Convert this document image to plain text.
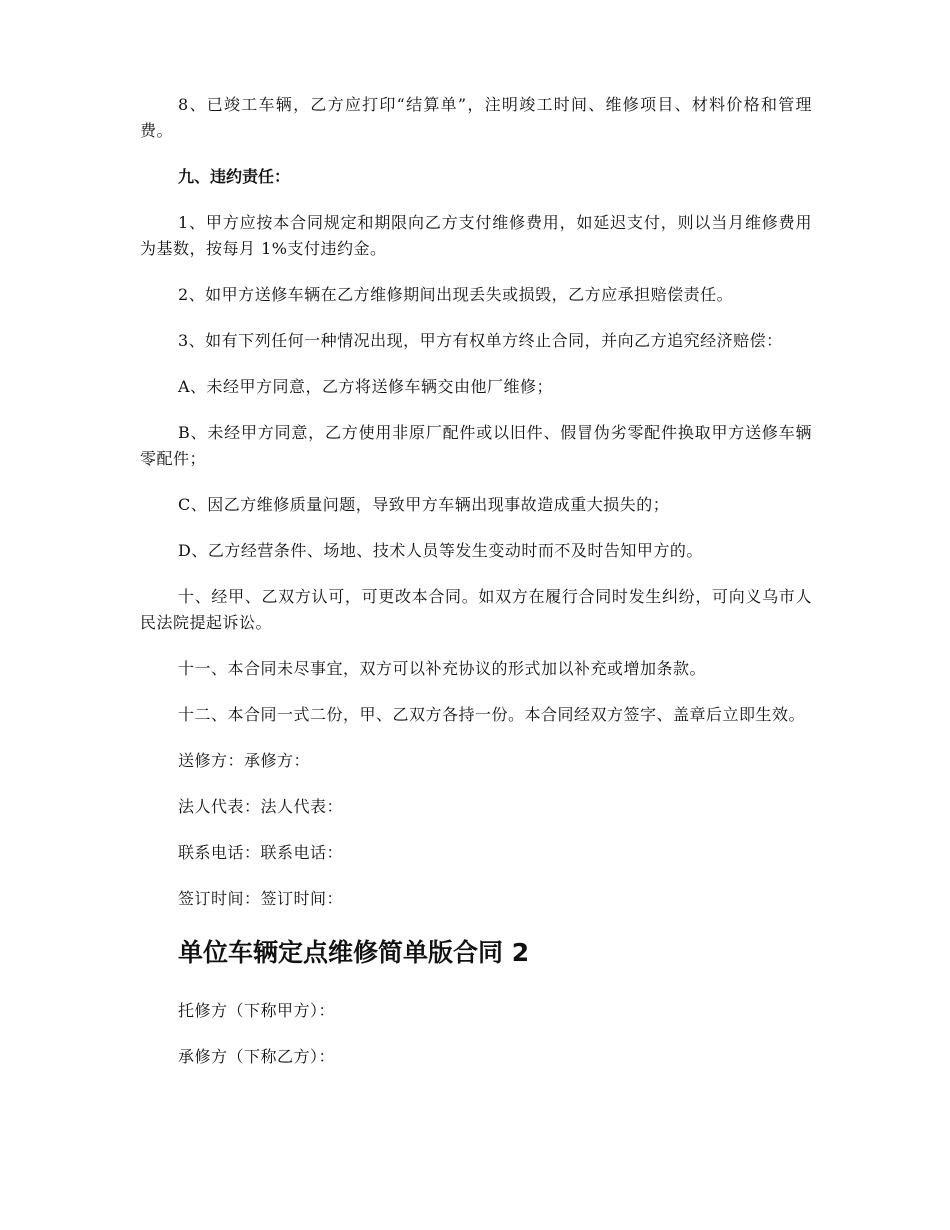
8、已竣工车辆，乙方应打印“结算单”，注明竣工时间、维修项目、材料价格和管理费。

九、违约责任：

1、甲方应按本合同规定和期限向乙方支付维修费用，如延迟支付，则以当月维修费用为基数，按每月 1%支付违约金。

2、如甲方送修车辆在乙方维修期间出现丢失或损毁，乙方应承担赔偿责任。

3、如有下列任何一种情况出现，甲方有权单方终止合同，并向乙方追究经济赔偿：

A、未经甲方同意，乙方将送修车辆交由他厂维修；

B、未经甲方同意，乙方使用非原厂配件或以旧件、假冒伪劣零配件换取甲方送修车辆零配件；

C、因乙方维修质量问题，导致甲方车辆出现事故造成重大损失的；

D、乙方经营条件、场地、技术人员等发生变动时而不及时告知甲方的。

十、经甲、乙双方认可，可更改本合同。如双方在履行合同时发生纠纷，可向义乌市人民法院提起诉讼。

十一、本合同未尽事宜，双方可以补充协议的形式加以补充或增加条款。

十二、本合同一式二份，甲、乙双方各持一份。本合同经双方签字、盖章后立即生效。

送修方：承修方：

法人代表：法人代表：

联系电话：联系电话：

签订时间：签订时间：

单位车辆定点维修简单版合同 2

托修方（下称甲方）：

承修方（下称乙方）：
